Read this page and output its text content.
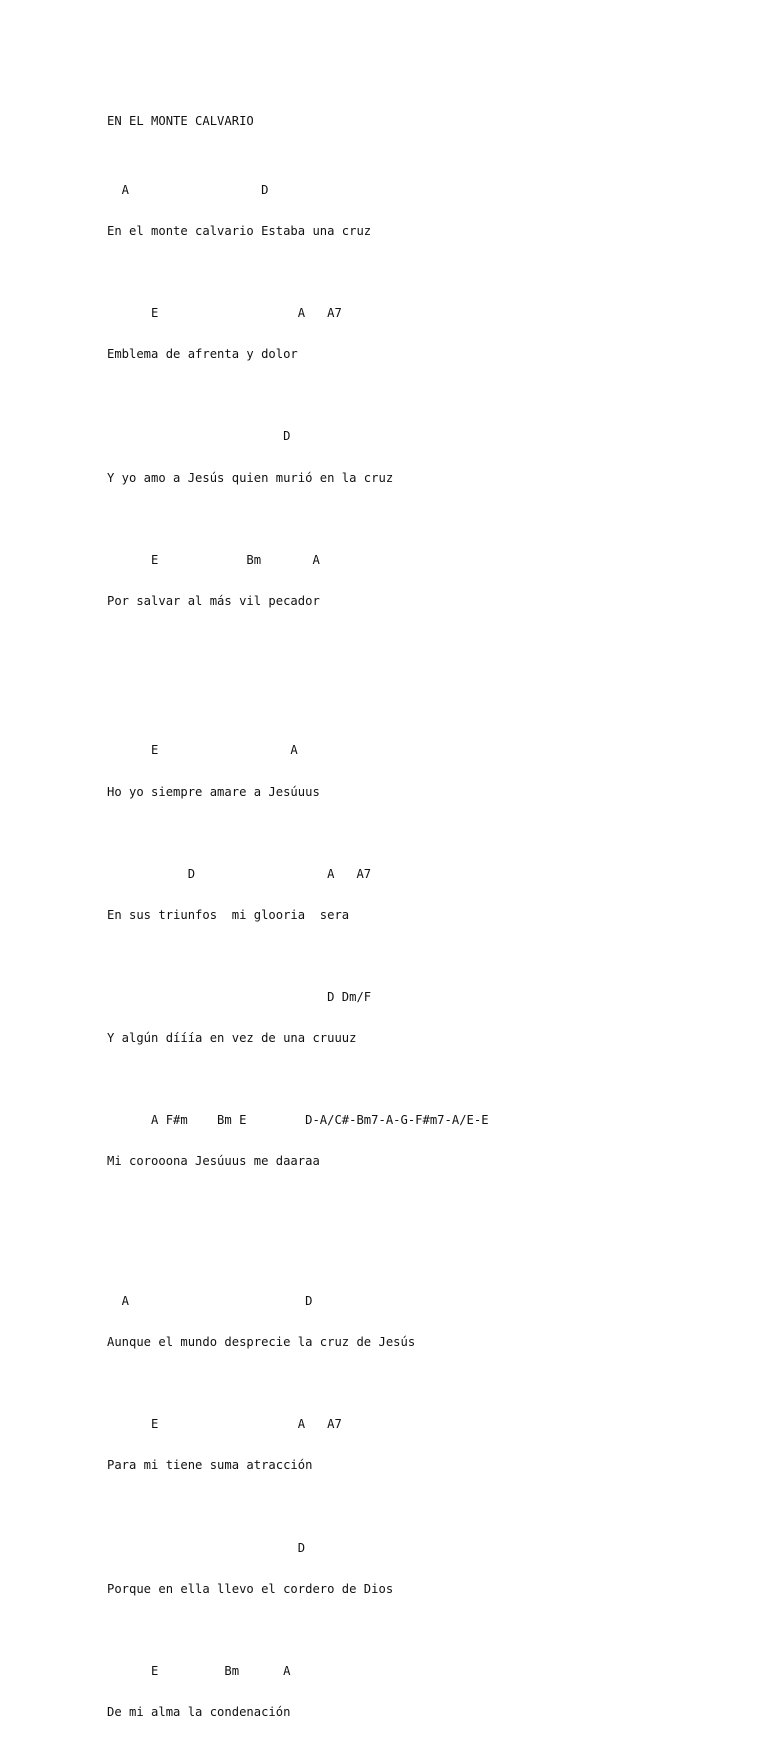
EN EL MONTE CALVARIO

A                  D

En el monte calvario Estaba una cruz

E                   A   A7

Emblema de afrenta y dolor

D

Y yo amo a Jesús quien murió en la cruz

E            Bm       A

Por salvar al más vil pecador

E                  A

Ho yo siempre amare a Jesúuus

D                  A   A7

En sus triunfos  mi glooria  sera

D Dm/F

Y algún dííía en vez de una cruuuz

A F#m    Bm E        D-A/C#-Bm7-A-G-F#m7-A/E-E

Mi corooona Jesúuus me daaraa

A                        D

Aunque el mundo desprecie la cruz de Jesús

E                   A   A7

Para mi tiene suma atracción

D

Porque en ella llevo el cordero de Dios

E         Bm      A

De mi alma la condenación
